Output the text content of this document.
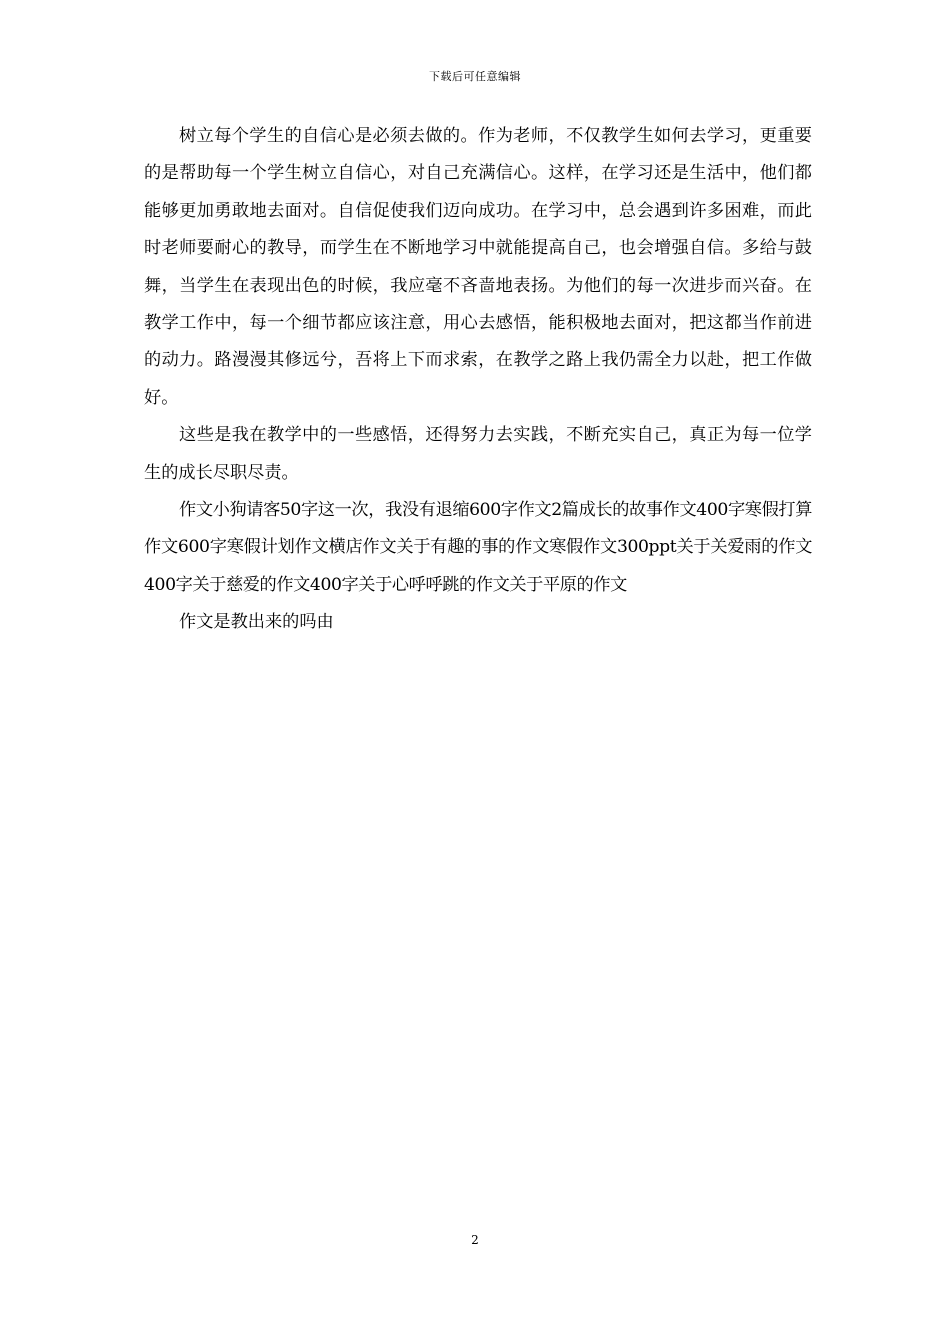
下载后可任意编辑

树立每个学生的自信心是必须去做的。作为老师，不仅教学生如何去学习，更重要的是帮助每一个学生树立自信心，对自己充满信心。这样，在学习还是生活中，他们都能够更加勇敢地去面对。自信促使我们迈向成功。在学习中，总会遇到许多困难，而此时老师要耐心的教导，而学生在不断地学习中就能提高自己，也会增强自信。多给与鼓舞，当学生在表现出色的时候，我应毫不吝啬地表扬。为他们的每一次进步而兴奋。在教学工作中，每一个细节都应该注意，用心去感悟，能积极地去面对，把这都当作前进的动力。路漫漫其修远兮，吾将上下而求索，在教学之路上我仍需全力以赴，把工作做好。

这些是我在教学中的一些感悟，还得努力去实践，不断充实自己，真正为每一位学生的成长尽职尽责。

作文小狗请客50字这一次，我没有退缩600字作文2篇成长的故事作文400字寒假打算作文600字寒假计划作文横店作文关于有趣的事的作文寒假作文300ppt关于关爱雨的作文400字关于慈爱的作文400字关于心呼呼跳的作文关于平原的作文

作文是教出来的吗由

2
